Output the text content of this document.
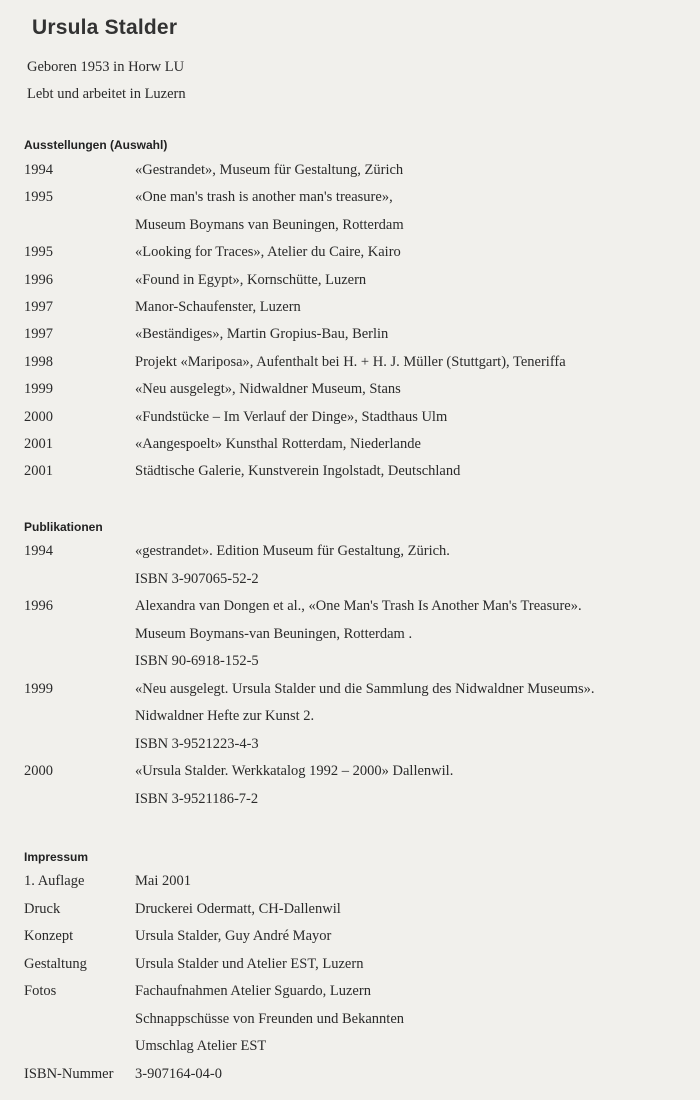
Ursula Stalder
Geboren 1953 in Horw LU
Lebt und arbeitet in Luzern
Ausstellungen (Auswahl)
1994	«Gestrandet», Museum für Gestaltung, Zürich
1995	«One man's trash is another man's treasure»,
Museum Boymans van Beuningen, Rotterdam
1995	«Looking for Traces», Atelier du Caire, Kairo
1996	«Found in Egypt», Kornschütte, Luzern
1997	Manor-Schaufenster, Luzern
1997	«Beständiges», Martin Gropius-Bau, Berlin
1998	Projekt «Mariposa», Aufenthalt bei H. + H. J. Müller (Stuttgart), Teneriffa
1999	«Neu ausgelegt», Nidwaldner Museum, Stans
2000	«Fundstücke – Im Verlauf der Dinge», Stadthaus Ulm
2001	«Aangespoelt» Kunsthal Rotterdam, Niederlande
2001	Städtische Galerie, Kunstverein Ingolstadt, Deutschland
Publikationen
1994	«gestrandet». Edition Museum für Gestaltung, Zürich.
ISBN 3-907065-52-2
1996	Alexandra van Dongen et al., «One Man's Trash Is Another Man's Treasure».
Museum Boymans-van Beuningen, Rotterdam .
ISBN 90-6918-152-5
1999	«Neu ausgelegt. Ursula Stalder und die Sammlung des Nidwaldner Museums».
Nidwaldner Hefte zur Kunst 2.
ISBN 3-9521223-4-3
2000	«Ursula Stalder. Werkkatalog 1992 – 2000» Dallenwil.
ISBN 3-9521186-7-2
Impressum
1. Auflage	Mai 2001
Druck	Druckerei Odermatt, CH-Dallenwil
Konzept	Ursula Stalder, Guy André Mayor
Gestaltung	Ursula Stalder und Atelier EST, Luzern
Fotos	Fachaufnahmen Atelier Sguardo, Luzern
Schnappschüsse von Freunden und Bekannten
Umschlag Atelier EST
ISBN-Nummer 3-907164-04-0
